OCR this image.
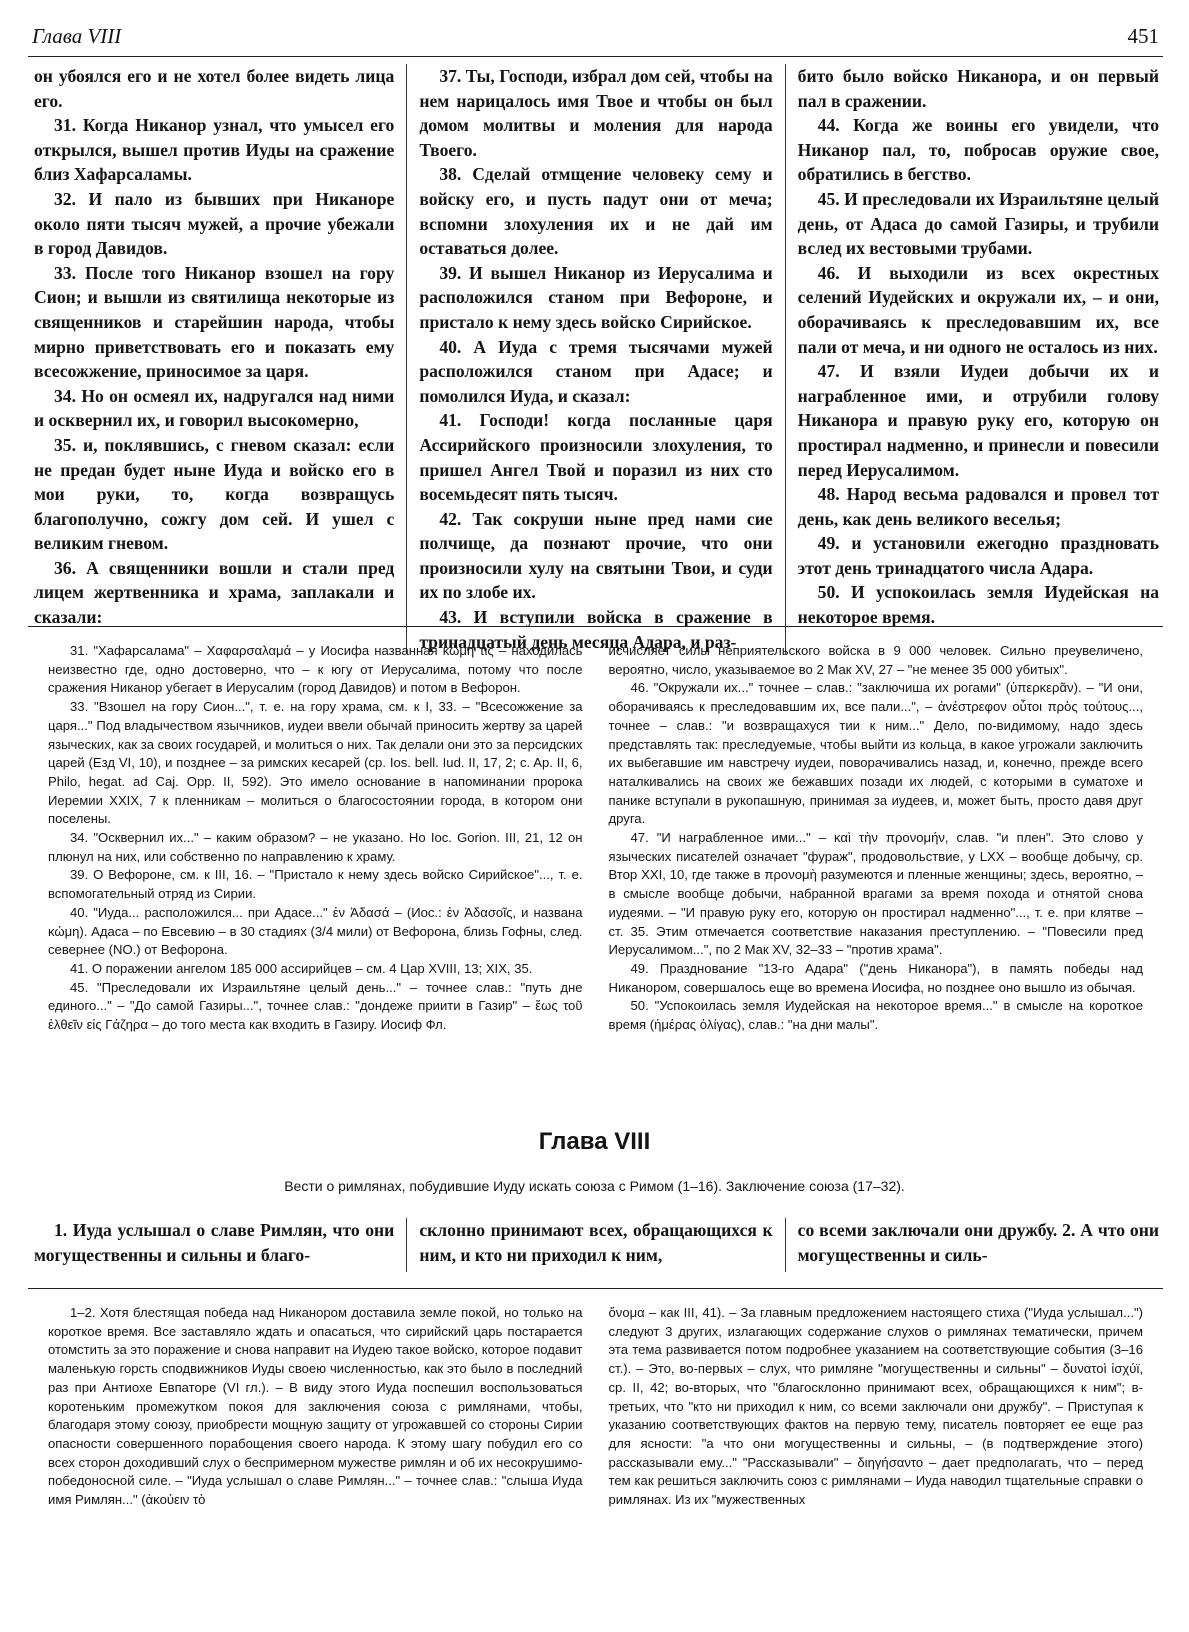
Глава VIII	451

он убоялся его и не хотел более видеть лица его.

31. Когда Никанор узнал, что умысел его открылся, вышел против Иуды на сражение близ Хафарсаламы.

32. И пало из бывших при Никаноре около пяти тысяч мужей, а прочие убежали в город Давидов.

33. После того Никанор взошел на гору Сион; и вышли из святилища некоторые из священников и старейшин народа, чтобы мирно приветствовать его и показать ему всесожжение, приносимое за царя.

34. Но он осмеял их, надругался над ними и осквернил их, и говорил высокомерно,

35. и, поклявшись, с гневом сказал: если не предан будет ныне Иуда и войско его в мои руки, то, когда возвращусь благополучно, сожгу дом сей. И ушел с великим гневом.

36. А священники вошли и стали пред лицем жертвенника и храма, заплакали и сказали:

37. Ты, Господи, избрал дом сей, чтобы на нем нарицалось имя Твое и чтобы он был домом молитвы и моления для народа Твоего.

38. Сделай отмщение человеку сему и войску его, и пусть падут они от меча; вспомни злохуления их и не дай им оставаться долее.

39. И вышел Никанор из Иерусалима и расположился станом при Вефороне, и пристало к нему здесь войско Сирийское.

40. А Иуда с тремя тысячами мужей расположился станом при Адасе; и помолился Иуда, и сказал:

41. Господи! когда посланные царя Ассирийского произносили злохуления, то пришел Ангел Твой и поразил из них сто восемьдесят пять тысяч.

42. Так сокруши ныне пред нами сие полчище, да познают прочие, что они произносили хулу на святыни Твои, и суди их по злобе их.

43. И вступили войска в сражение в тринадцатый день месяца Адара, и раз-

бито было войско Никанора, и он первый пал в сражении.

44. Когда же воины его увидели, что Никанор пал, то, побросав оружие свое, обратились в бегство.

45. И преследовали их Израильтяне целый день, от Адаса до самой Газиры, и трубили вслед их вестовыми трубами.

46. И выходили из всех окрестных селений Иудейских и окружали их, – и они, оборачиваясь к преследовавшим их, все пали от меча, и ни одного не осталось из них.

47. И взяли Иудеи добычи их и награбленное ими, и отрубили голову Никанора и правую руку его, которую он простирал надменно, и принесли и повесили перед Иерусалимом.

48. Народ весьма радовался и провел тот день, как день великого веселья;

49. и установили ежегодно праздновать этот день тринадцатого числа Адара.

50. И успокоилась земля Иудейская на некоторое время.

31. "Хафарсалама" – Χαφαρσαλαμά – у Иосифа названная κώμη τις – находилась неизвестно где, одно достоверно, что – к югу от Иерусалима, потому что после сражения Никанор убегает в Иерусалим (город Давидов) и потом в Вефорон.

33. "Взошел на гору Сион...", т. е. на гору храма, см. к I, 33. – "Всесожжение за царя..." Под владычеством язычников, иудеи ввели обычай приносить жертву за царей языческих, как за своих государей, и молиться о них. Так делали они это за персидских царей (Езд VI, 10), и позднее – за римских кесарей (cp. Ios. bell. Iud. II, 17, 2; c. Ap. II, 6, Philo, hegat. ad Caj. Opp. II, 592). Это имело основание в напоминании пророка Иеремии XXIX, 7 к пленникам – молиться о благосостоянии города, в котором они поселены.

34. "Осквернил их..." – каким образом? – не указано. Но Ioc. Gorion. III, 21, 12 он плюнул на них, или собственно по направлению к храму.

39. О Вефороне, см. к III, 16. – "Пристало к нему здесь войско Сирийское"..., т. е. вспомогательный отряд из Сирии.

40. "Иуда... расположился... при Адасе..." ἐν Ἀδασά – (Иос.: ἐν Ἀδασοῖς, и названа κώμη). Адаса – по Евсевию – в 30 стадиях (3/4 мили) от Вефорона, близь Гофны, след. севернее (NO.) от Вефорона.

41. О поражении ангелом 185 000 ассирийцев – см. 4 Цар XVIII, 13; XIX, 35.

45. "Преследовали их Израильтяне целый день..." – точнее слав.: "путь дне единого..." – "До самой Газиры...", точнее слав.: "дондеже приити в Газир" – ἕως τοῦ ἐλθεῖν εἰς Γάζηρα – до того места как входить в Газиру. Иосиф Фл.

исчисляет силы неприятельского войска в 9 000 человек. Сильно преувеличено, вероятно, число, указываемое во 2 Мак XV, 27 – "не менее 35 000 убитых".

46. "Окружали их..." точнее – слав.: "заключиша их рогами" (ὑπερκερᾶν). – "И они, оборачиваясь к преследовавшим их, все пали...", – ἀνέστρεφον οὗτοι πρὸς τούτους..., точнее – слав.: "и возвращахуся тии к ним..." Дело, по-видимому, надо здесь представлять так: преследуемые, чтобы выйти из кольца, в какое угрожали заключить их выбегавшие им навстречу иудеи, поворачивались назад, и, конечно, прежде всего наталкивались на своих же бежавших позади их людей, с которыми в суматохе и панике вступали в рукопашную, принимая за иудеев, и, может быть, просто давя друг друга.

47. "И награбленное ими..." – καὶ τὴν προνομήν, слав. "и плен". Это слово у языческих писателей означает "фураж", продовольствие, у LXX – вообще добычу, ср. Втор XXI, 10, где также в προνομὴ разумеются и пленные женщины; здесь, вероятно, – в смысле вообще добычи, набранной врагами за время похода и отнятой снова иудеями. – "И правую руку его, которую он простирал надменно"..., т. е. при клятве – ст. 35. Этим отмечается соответствие наказания преступлению. – "Повесили пред Иерусалимом...", по 2 Мак XV, 32–33 – "против храма".

49. Празднование "13-го Адара" ("день Никанора"), в память победы над Никанором, совершалось еще во времена Иосифа, но позднее оно вышло из обычая.

50. "Успокоилась земля Иудейская на некоторое время..." в смысле на короткое время (ἡμέρας ὀλίγας), слав.: "на дни малы".

Глава VIII
Вести о римлянах, побудившие Иуду искать союза с Римом (1–16). Заключение союза (17–32).

1. Иуда услышал о славе Римлян, что они могущественны и сильны и благо-

склонно принимают всех, обращающихся к ним, и кто ни приходил к ним,

со всеми заключали они дружбу. 2. А что они могущественны и силь-

1–2. Хотя блестящая победа над Никанором доставила земле покой, но только на короткое время. Все заставляло ждать и опасаться, что сирийский царь постарается отомстить за это поражение и снова направит на Иудею такое войско, которое подавит маленькую горсть сподвижников Иуды своею численностью, как это было в последний раз при Антиохе Евпаторе (VI гл.). – В виду этого Иуда поспешил воспользоваться коротеньким промежутком покоя для заключения союза с римлянами, чтобы, благодаря этому союзу, приобрести мощную защиту от угрожавшей со стороны Сирии опасности совершенного порабощения своего народа. К этому шагу побудил его со всех сторон доходивший слух о беспримерном мужестве римлян и об их несокрушимо-победоносной силе. – "Иуда услышал о славе Римлян..." – точнее слав.: "слыша Иуда имя Римлян..." (ἀκούειν τὸ

ὄνομα – как III, 41). – За главным предложением настоящего стиха ("Иуда услышал...") следуют 3 других, излагающих содержание слухов о римлянах тематически, причем эта тема развивается потом подробнее указанием на соответствующие события (3–16 ст.). – Это, во-первых – слух, что римляне "могущественны и сильны" – δυνατοὶ ἰσχύϊ, ср. II, 42; во-вторых, что "благосклонно принимают всех, обращающихся к ним"; в-третьих, что "кто ни приходил к ним, со всеми заключали они дружбу". – Приступая к указанию соответствующих фактов на первую тему, писатель повторяет ее еще раз для ясности: "а что они могущественны и сильны, – (в подтверждение этого) рассказывали ему..." "Рассказывали" – διηγήσαντο – дает предполагать, что – перед тем как решиться заключить союз с римлянами – Иуда наводил тщательные справки о римлянах. Из их "мужественных
